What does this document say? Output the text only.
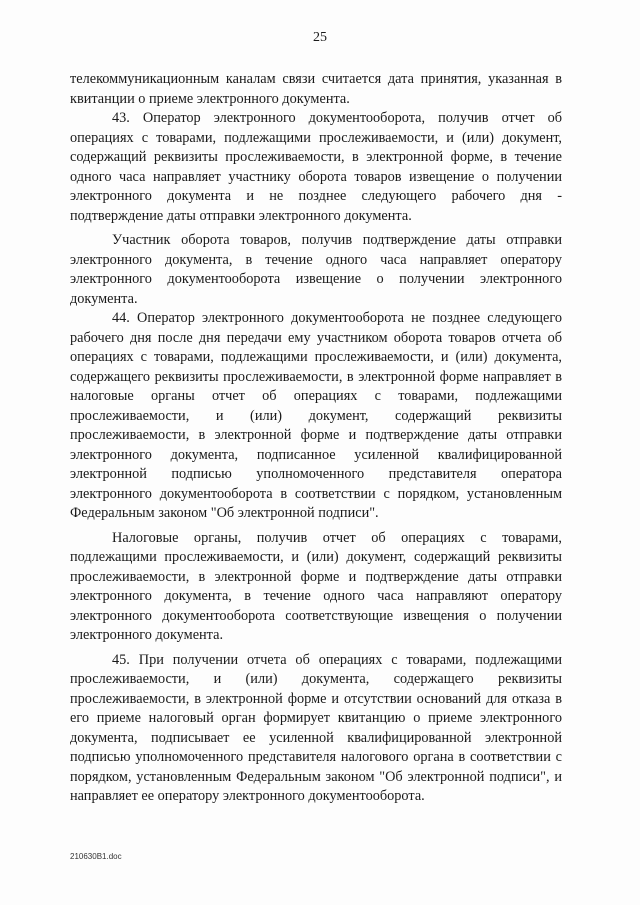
25

телекоммуникационным каналам связи считается дата принятия, указанная в квитанции о приеме электронного документа.

43. Оператор электронного документооборота, получив отчет об операциях с товарами, подлежащими прослеживаемости, и (или) документ, содержащий реквизиты прослеживаемости, в электронной форме, в течение одного часа направляет участнику оборота товаров извещение о получении электронного документа и не позднее следующего рабочего дня - подтверждение даты отправки электронного документа.

Участник оборота товаров, получив подтверждение даты отправки электронного документа, в течение одного часа направляет оператору электронного документооборота извещение о получении электронного документа.

44. Оператор электронного документооборота не позднее следующего рабочего дня после дня передачи ему участником оборота товаров отчета об операциях с товарами, подлежащими прослеживаемости, и (или) документа, содержащего реквизиты прослеживаемости, в электронной форме направляет в налоговые органы отчет об операциях с товарами, подлежащими прослеживаемости, и (или) документ, содержащий реквизиты прослеживаемости, в электронной форме и подтверждение даты отправки электронного документа, подписанное усиленной квалифицированной электронной подписью уполномоченного представителя оператора электронного документооборота в соответствии с порядком, установленным Федеральным законом "Об электронной подписи".

Налоговые органы, получив отчет об операциях с товарами, подлежащими прослеживаемости, и (или) документ, содержащий реквизиты прослеживаемости, в электронной форме и подтверждение даты отправки электронного документа, в течение одного часа направляют оператору электронного документооборота соответствующие извещения о получении электронного документа.

45. При получении отчета об операциях с товарами, подлежащими прослеживаемости, и (или) документа, содержащего реквизиты прослеживаемости, в электронной форме и отсутствии оснований для отказа в его приеме налоговый орган формирует квитанцию о приеме электронного документа, подписывает ее усиленной квалифицированной электронной подписью уполномоченного представителя налогового органа в соответствии с порядком, установленным Федеральным законом "Об электронной подписи", и направляет ее оператору электронного документооборота.

210630B1.doc
